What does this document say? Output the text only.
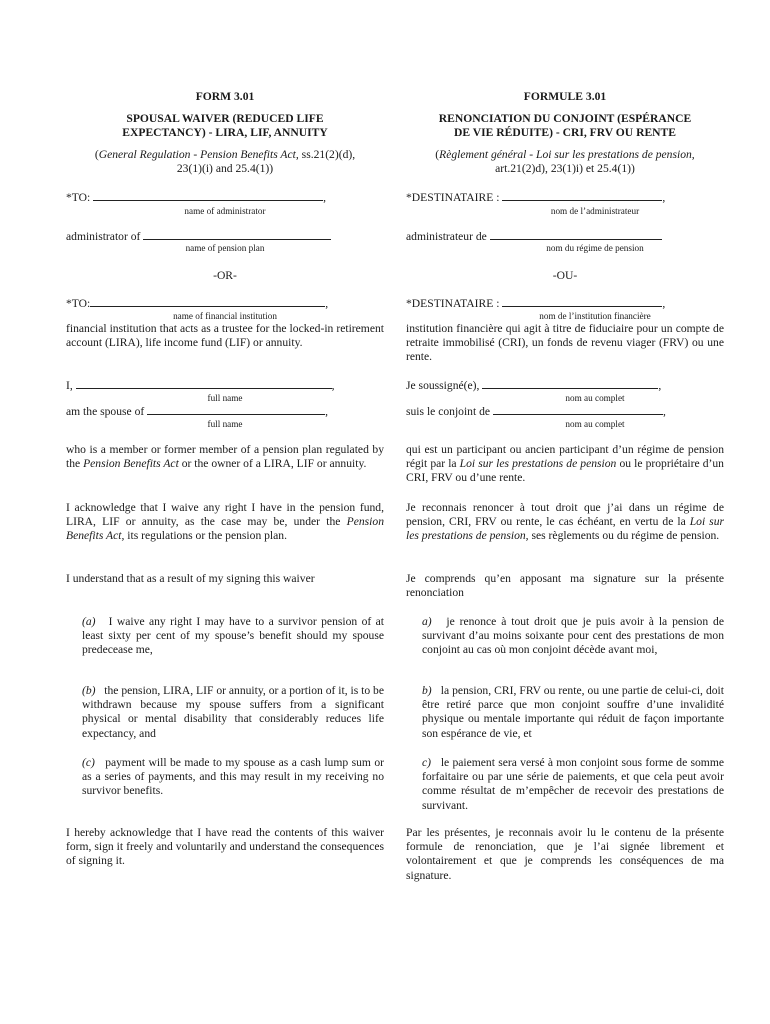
FORM 3.01
SPOUSAL WAIVER (REDUCED LIFE
EXPECTANCY) - LIRA, LIF, ANNUITY
(General Regulation - Pension Benefits Act, ss.21(2)(d),
23(1)(i) and 25.4(1))
*TO:	,
name of administrator
administrator of
name of pension plan
-OR-
*TO:	,
name of financial institution
financial institution that acts as a trustee for the locked-in retirement account (LIRA), life income fund (LIF) or annuity.
I,	,
full name
am the spouse of	,
full name
who is a member or former member of a pension plan regulated by the Pension Benefits Act or the owner of a LIRA, LIF or annuity.
I acknowledge that I waive any right I have in the pension fund, LIRA, LIF or annuity, as the case may be, under the Pension Benefits Act, its regulations or the pension plan.
I understand that as a result of my signing this waiver
(a) I waive any right I may have to a survivor pension of at least sixty per cent of my spouse’s benefit should my spouse predecease me,
(b) the pension, LIRA, LIF or annuity, or a portion of it, is to be withdrawn because my spouse suffers from a significant physical or mental disability that considerably reduces life expectancy, and
(c) payment will be made to my spouse as a cash lump sum or as a series of payments, and this may result in my receiving no survivor benefits.
I hereby acknowledge that I have read the contents of this waiver form, sign it freely and voluntarily and understand the consequences of signing it.
FORMULE 3.01
RENONCIATION DU CONJOINT (ESPÉRANCE
DE VIE RÉDUITE) - CRI, FRV OU RENTE
(Règlement général - Loi sur les prestations de pension,
art.21(2)d), 23(1)i) et 25.4(1))
*DESTINATAIRE :	,
nom de l’administrateur
administrateur de
nom du régime de pension
-OU-
*DESTINATAIRE :	,
nom de l’institution financière
institution financière qui agit à titre de fiduciaire pour un compte de retraite immobilisé (CRI), un fonds de revenu viager (FRV) ou une rente.
Je soussigné(e),	,
nom au complet
suis le conjoint de	,
nom au complet
qui est un participant ou ancien participant d’un régime de pension régit par la Loi sur les prestations de pension ou le propriétaire d’un CRI, FRV ou d’une rente.
Je reconnais renoncer à tout droit que j’ai dans un régime de pension, CRI, FRV ou rente, le cas échéant, en vertu de la Loi sur les prestations de pension, ses règlements ou du régime de pension.
Je comprends qu’en apposant ma signature sur la présente renonciation
a) je renonce à tout droit que je puis avoir à la pension de survivant d’au moins soixante pour cent des prestations de mon conjoint au cas où mon conjoint décède avant moi,
b) la pension, CRI, FRV ou rente, ou une partie de celui-ci, doit être retiré parce que mon conjoint souffre d’une invalidité physique ou mentale importante qui réduit de façon importante son espérance de vie, et
c) le paiement sera versé à mon conjoint sous forme de somme forfaitaire ou par une série de paiements, et que cela peut avoir comme résultat de m’empêcher de recevoir des prestations de survivant.
Par les présentes, je reconnais avoir lu le contenu de la présente formule de renonciation, que je l’ai signée librement et volontairement et que je comprends les conséquences de ma signature.
